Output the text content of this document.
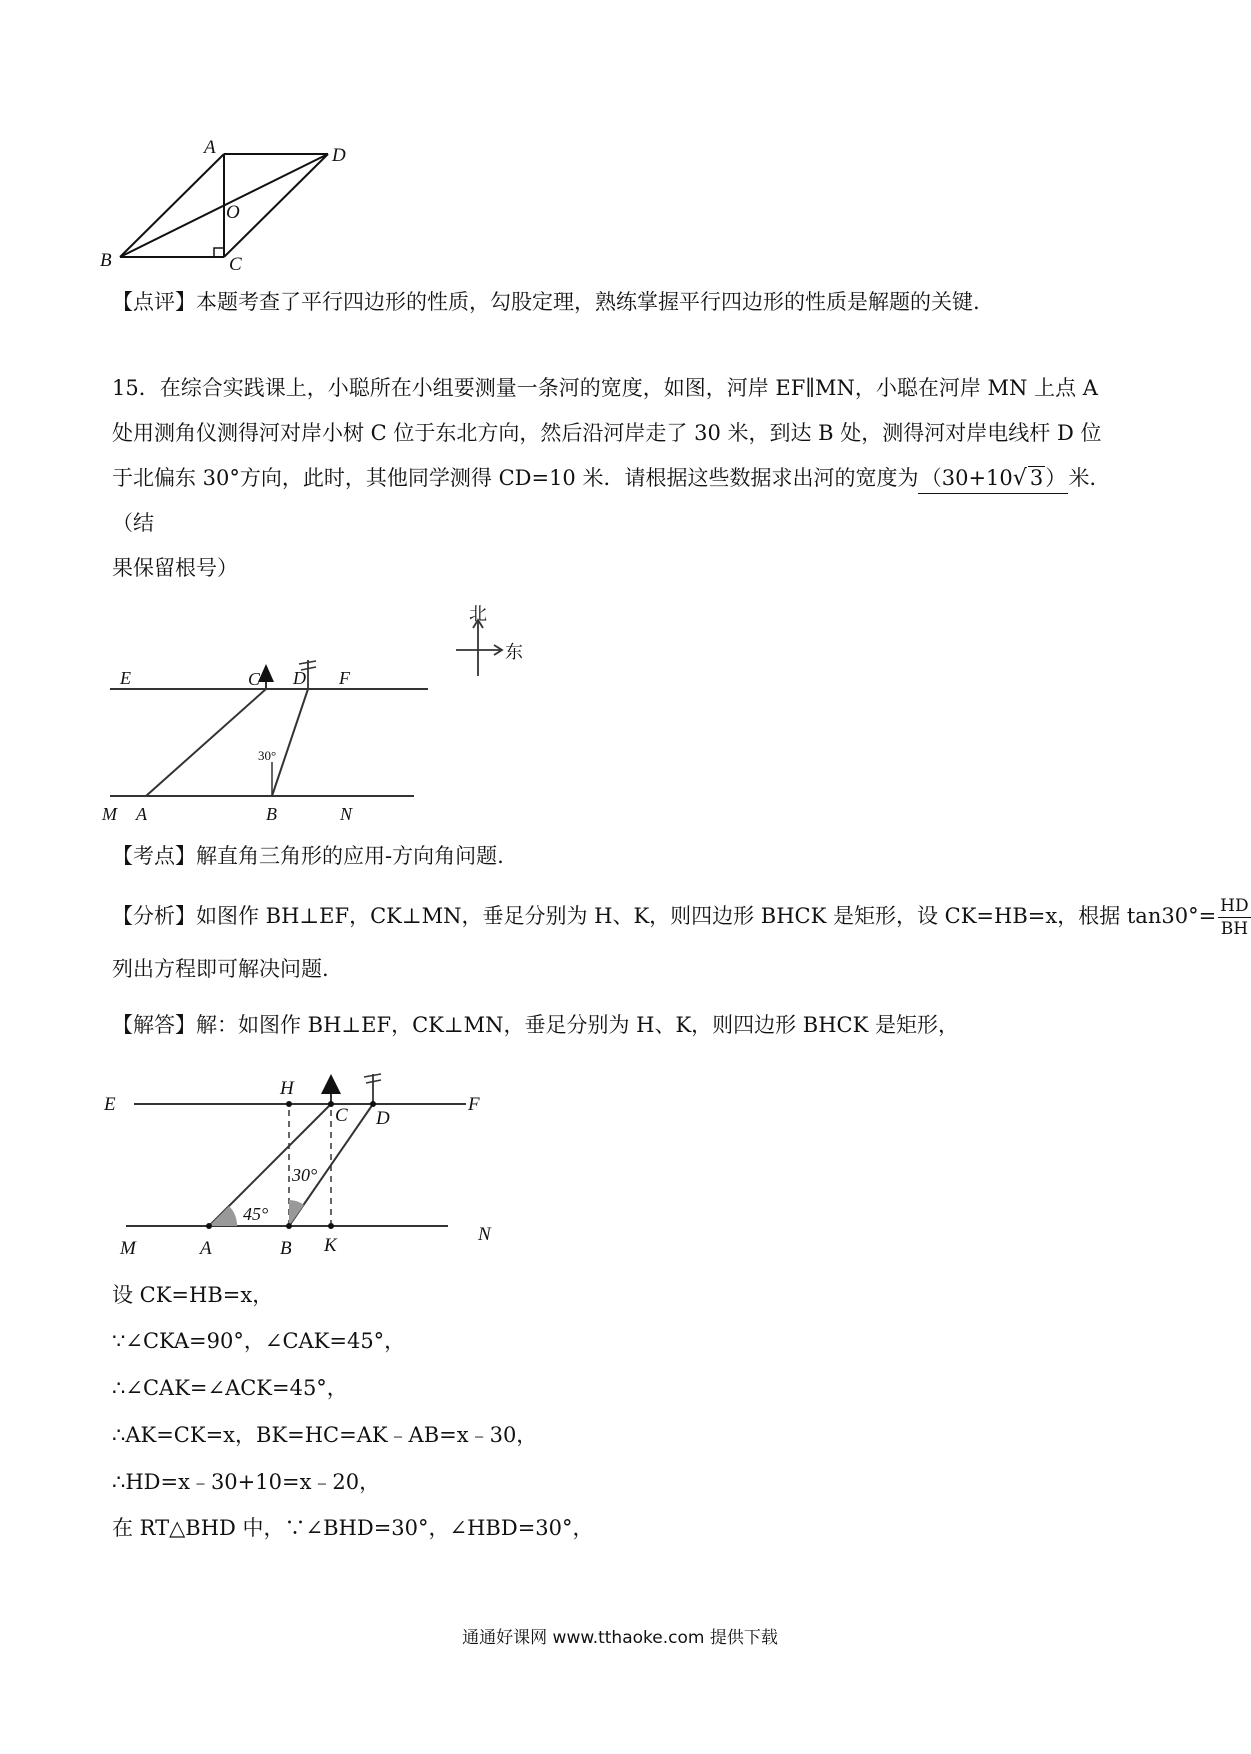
A	D
O
B	C
【点评】本题考查了平行四边形的性质，勾股定理，熟练掌握平行四边形的性质是解题的关键.
15．在综合实践课上，小聪所在小组要测量一条河的宽度，如图，河岸 EF∥MN，小聪在河岸 MN 上点 A
处用测角仪测得河对岸小树 C 位于东北方向，然后沿河岸走了 30 米，到达 B 处，测得河对岸电线杆 D 位
于北偏东 30°方向，此时，其他同学测得 CD=10 米．请根据这些数据求出河的宽度为 （30+10√ 3） 米．（结
果保留根号）
E	C D F
M A	B	N
30°
北
东
【考点】解直角三角形的应用-方向角问题.
【分析】如图作 BH⊥EF，CK⊥MN，垂足分别为 H、K，则四边形 BHCK 是矩形，设 CK=HB=x，根据 $\tan 30^\circ= \frac{HD}{BH}$
列出方程即可解决问题.
【解答】解：如图作 BH⊥EF，CK⊥MN，垂足分别为 H、K，则四边形 BHCK 是矩形，
E
H
C D
F
M	A	B K
N
45°
30°
设 CK=HB=x，
∵∠CKA=90°，∠CAK=45°，
∴∠CAK=∠ACK=45°，
∴AK=CK=x，BK=HC=AK﹣AB=x﹣30，
∴HD=x﹣30+10=x﹣20，
在 RT△BHD 中，∵∠BHD=30°，∠HBD=30°，
通通好课网 www.tthaoke.com 提供下载
